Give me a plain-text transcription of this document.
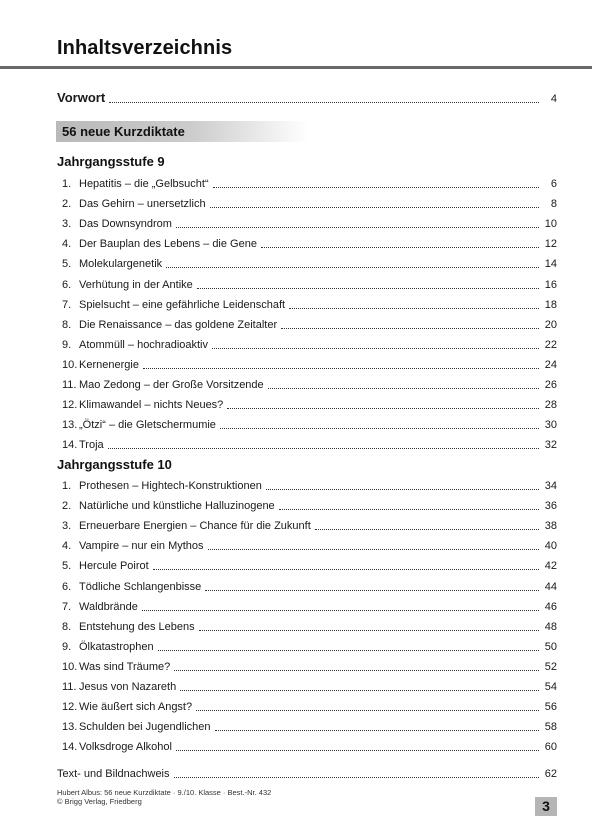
Inhaltsverzeichnis
Vorwort	4
56 neue Kurzdiktate
Jahrgangsstufe 9
1. Hepatitis – die „Gelbsucht“	6
2. Das Gehirn – unersetzlich	8
3. Das Downsyndrom	10
4. Der Bauplan des Lebens – die Gene	12
5. Molekulargenetik	14
6. Verhütung in der Antike	16
7. Spielsucht – eine gefährliche Leidenschaft	18
8. Die Renaissance – das goldene Zeitalter	20
9. Atommüll – hochradioaktiv	22
10. Kernenergie	24
11. Mao Zedong – der Große Vorsitzende	26
12. Klimawandel – nichts Neues?	28
13. „Ötzi“ – die Gletschermumie	30
14. Troja	32
Jahrgangsstufe 10
1. Prothesen – Hightech-Konstruktionen	34
2. Natürliche und künstliche Halluzinogene	36
3. Erneuerbare Energien – Chance für die Zukunft	38
4. Vampire – nur ein Mythos	40
5. Hercule Poirot	42
6. Tödliche Schlangenbisse	44
7. Waldbrände	46
8. Entstehung des Lebens	48
9. Ölkatastrophen	50
10. Was sind Träume?	52
11. Jesus von Nazareth	54
12. Wie äußert sich Angst?	56
13. Schulden bei Jugendlichen	58
14. Volksdroge Alkohol	60
Text- und Bildnachweis	62
Hubert Albus: 56 neue Kurzdiktate · 9./10. Klasse · Best.-Nr. 432
© Brigg Verlag, Friedberg	3
